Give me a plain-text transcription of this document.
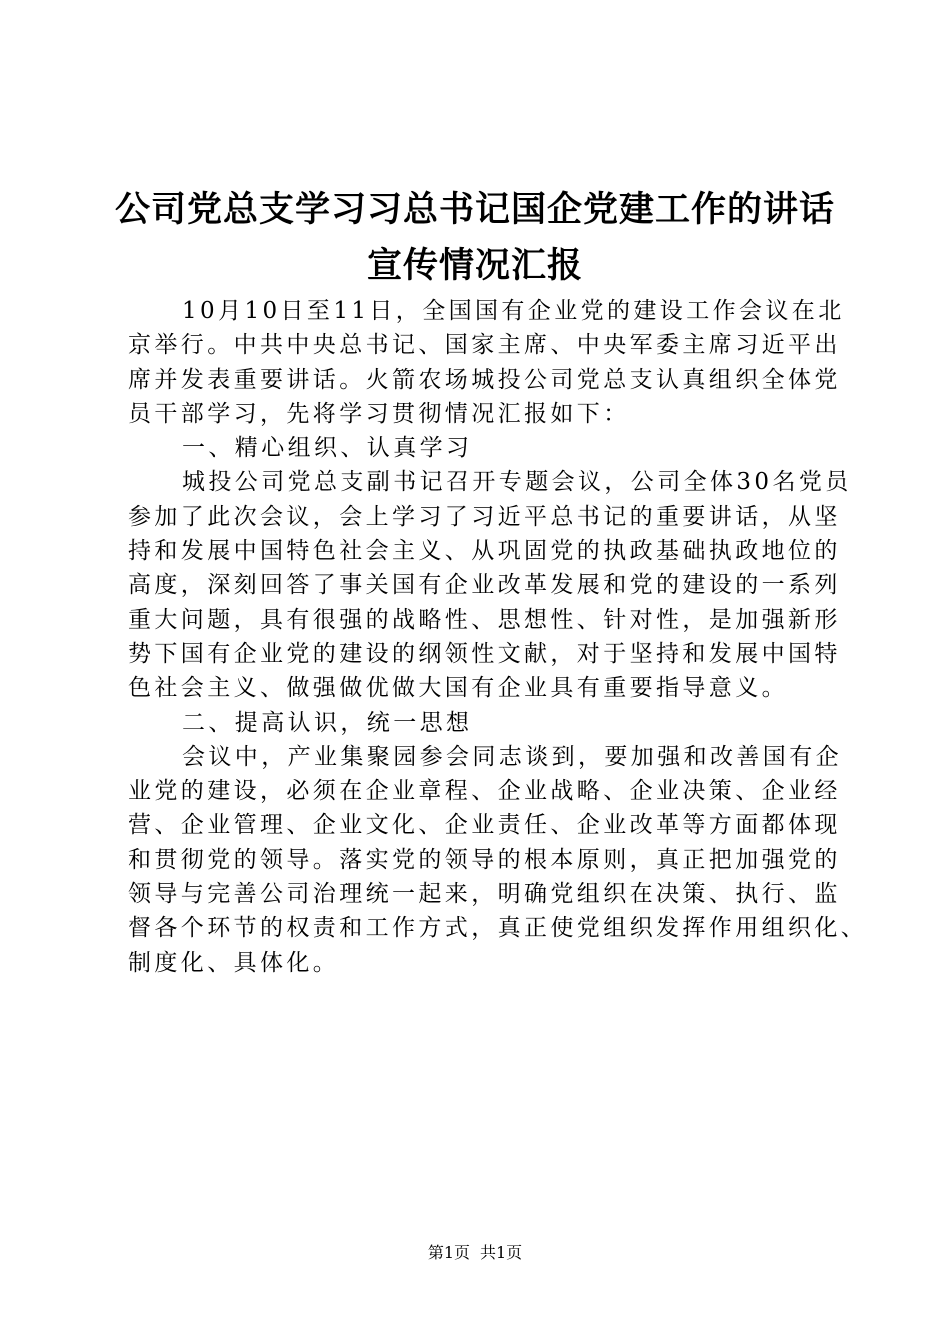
公司党总支学习习总书记国企党建工作的讲话
宣传情况汇报
10月10日至11日，全国国有企业党的建设工作会议在北
京举行。中共中央总书记、国家主席、中央军委主席习近平出
席并发表重要讲话。火箭农场城投公司党总支认真组织全体党
员干部学习，先将学习贯彻情况汇报如下：
一、精心组织、认真学习
城投公司党总支副书记召开专题会议，公司全体30名党员
参加了此次会议，会上学习了习近平总书记的重要讲话，从坚
持和发展中国特色社会主义、从巩固党的执政基础执政地位的
高度，深刻回答了事关国有企业改革发展和党的建设的一系列
重大问题，具有很强的战略性、思想性、针对性，是加强新形
势下国有企业党的建设的纲领性文献，对于坚持和发展中国特
色社会主义、做强做优做大国有企业具有重要指导意义。
二、提高认识，统一思想
会议中，产业集聚园参会同志谈到，要加强和改善国有企
业党的建设，必须在企业章程、企业战略、企业决策、企业经
营、企业管理、企业文化、企业责任、企业改革等方面都体现
和贯彻党的领导。落实党的领导的根本原则，真正把加强党的
领导与完善公司治理统一起来，明确党组织在决策、执行、监
督各个环节的权责和工作方式，真正使党组织发挥作用组织化、
制度化、具体化。
第1页 共1页
